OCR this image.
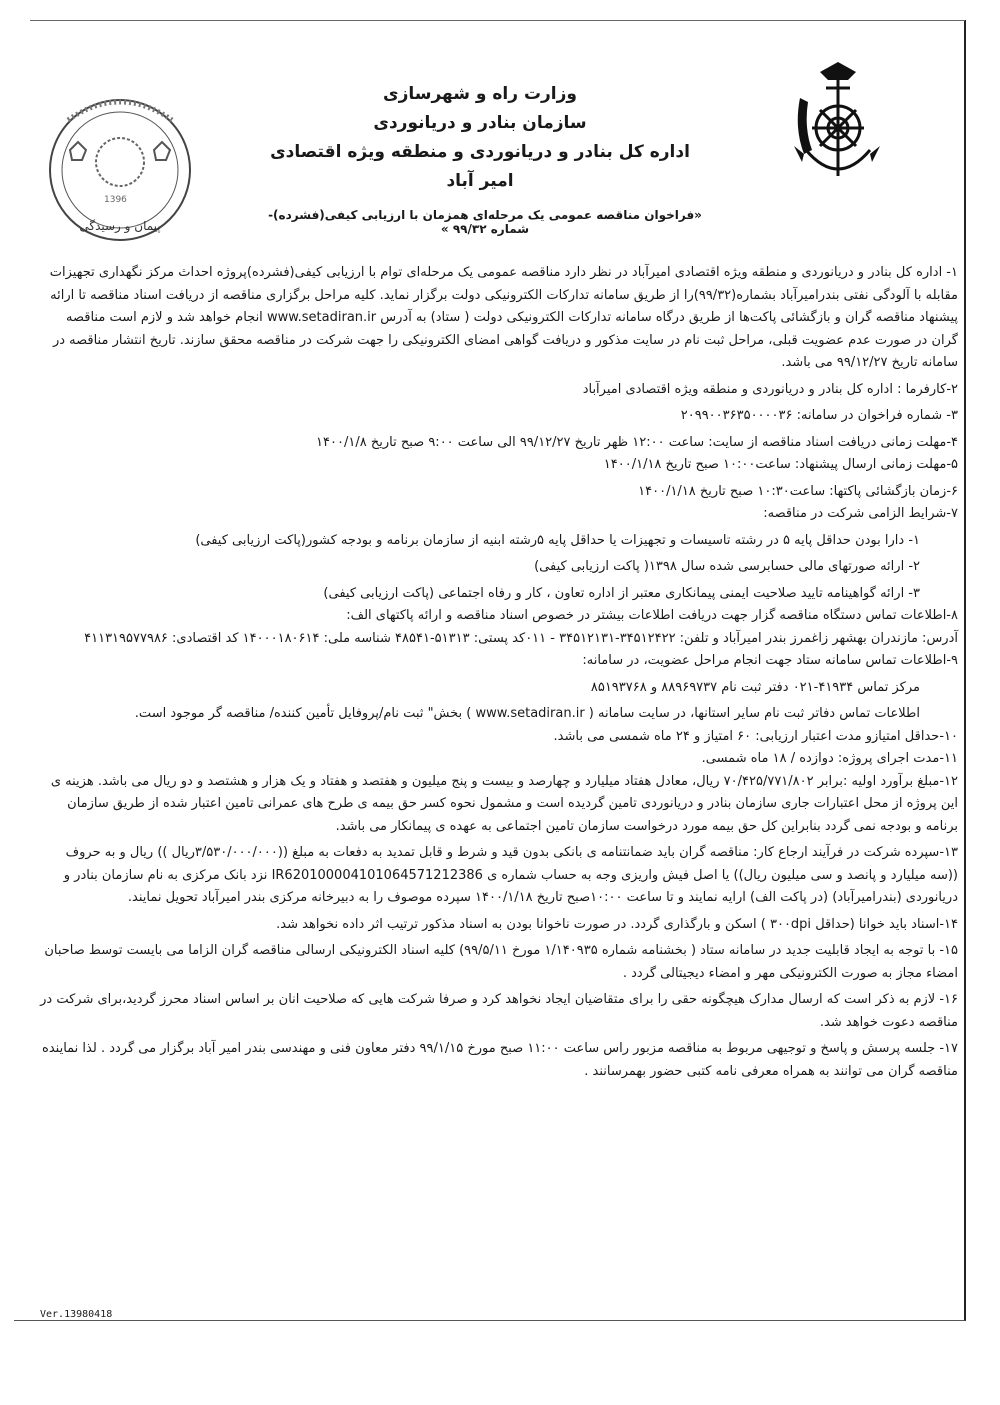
وزارت راه و شهرسازی
سازمان بنادر و دریانوردی
اداره کل بنادر و دریانوردی و منطقه ویژه اقتصادی امیر آباد
1396
پیمان و رسیدگی
«فراخوان مناقصه عمومی یک مرحله‌ای همزمان با ارزیابی کیفی(فشرده)- شماره ۹۹/۳۲ »

۱- اداره کل بنادر و دریانوردی و منطقه ویژه اقتصادی امیرآباد در نظر دارد مناقصه عمومی یک مرحله‌ای توام با ارزیابی کیفی(فشرده)پروژه احداث مرکز نگهداری تجهیزات مقابله با آلودگی نفتی بندرامیرآباد بشماره(۹۹/۳۲)را از طریق سامانه تدارکات الکترونیکی دولت برگزار نماید. کلیه مراحل برگزاری مناقصه از دریافت اسناد مناقصه تا ارائه پیشنهاد مناقصه گران و بازگشائی پاکت‌ها از طریق درگاه سامانه تدارکات الکترونیکی دولت ( ستاد) به آدرس www.setadiran.ir انجام خواهد شد و لازم است مناقصه گران در صورت عدم عضویت قبلی، مراحل ثبت نام در سایت مذکور و دریافت گواهی امضای الکترونیکی را جهت شرکت در مناقصه محقق سازند. تاریخ انتشار مناقصه در سامانه تاریخ ۹۹/۱۲/۲۷ می باشد.

۲-کارفرما : اداره کل بنادر و دریانوردی و منطقه ویژه اقتصادی امیرآباد

۳- شماره فراخوان در سامانه: ۲۰۹۹۰۰۳۶۳۵۰۰۰۰۳۶

۴-مهلت زمانی دریافت اسناد مناقصه از سایت: ساعت ۱۲:۰۰ ظهر تاریخ ۹۹/۱۲/۲۷ الی ساعت ۹:۰۰ صبح تاریخ ۱۴۰۰/۱/۸

۵-مهلت زمانی ارسال پیشنهاد: ساعت۱۰:۰۰ صبح تاریخ ۱۴۰۰/۱/۱۸

۶-زمان بازگشائی پاکتها: ساعت۱۰:۳۰ صبح تاریخ ۱۴۰۰/۱/۱۸

۷-شرایط الزامی شرکت در مناقصه:

۱- دارا بودن حداقل پایه ۵ در رشته تاسیسات و تجهیزات یا حداقل پایه ۵رشته ابنیه از سازمان برنامه و بودجه کشور(پاکت ارزیابی کیفی)

۲- ارائه صورتهای مالی حسابرسی شده سال ۱۳۹۸( پاکت ارزیابی کیفی)

۳- ارائه گواهینامه تایید صلاحیت ایمنی پیمانکاری معتبر از اداره تعاون ، کار و رفاه اجتماعی (پاکت ارزیابی کیفی)

۸-اطلاعات تماس دستگاه مناقصه گزار جهت دریافت اطلاعات بیشتر در خصوص اسناد مناقصه و ارائه پاکتهای الف:

آدرس: مازندران بهشهر زاغمرز بندر امیرآباد و تلفن: ۳۴۵۱۲۴۲۲-۳۴۵۱۲۱۳۱ - ۰۱۱کد پستی: ۵۱۳۱۳-۴۸۵۴۱ شناسه ملی: ۱۴۰۰۰۱۸۰۶۱۴ کد اقتصادی: ۴۱۱۳۱۹۵۷۷۹۸۶

۹-اطلاعات تماس سامانه ستاد جهت انجام مراحل عضویت، در سامانه:

مرکز تماس ۴۱۹۳۴-۰۲۱ دفتر ثبت نام ۸۸۹۶۹۷۳۷ و ۸۵۱۹۳۷۶۸

اطلاعات تماس دفاتر ثبت نام سایر استانها، در سایت سامانه ( www.setadiran.ir ) بخش" ثبت نام/پروفایل تأمین کننده/ مناقصه گر موجود است.

۱۰-حداقل امتیازو مدت اعتبار ارزیابی: ۶۰ امتیاز و ۲۴ ماه شمسی می باشد.

۱۱-مدت اجرای پروژه: دوازده / ۱۸ ماه شمسی.

۱۲-مبلغ برآورد اولیه :برابر ۷۰/۴۲۵/۷۷۱/۸۰۲ ریال، معادل هفتاد میلیارد و چهارصد و بیست و پنج میلیون و هفتصد و هفتاد و یک هزار و هشتصد و دو ریال می باشد. هزینه ی این پروژه از محل اعتبارات جاری سازمان بنادر و دریانوردی تامین گردیده است و مشمول نحوه کسر حق بیمه ی طرح های عمرانی تامین اعتبار شده از طریق سازمان برنامه و بودجه نمی گردد بنابراین کل حق بیمه مورد درخواست سازمان تامین اجتماعی به عهده ی پیمانکار می باشد.

۱۳-سپرده شرکت در فرآیند ارجاع کار: مناقصه گران باید ضمانتنامه ی بانکی بدون قید و شرط و قابل تمدید به دفعات به مبلغ ((۳/۵۳۰/۰۰۰/۰۰۰ریال )) ریال و به حروف ((سه میلیارد و پانصد و سی میلیون ریال)) یا اصل فیش واریزی وجه به حساب شماره ی IR620100004101064571212386 نزد بانک مرکزی به نام سازمان بنادر و دریانوردی (بندرامیرآباد) (در پاکت الف) ارایه نمایند و تا ساعت ۱۰:۰۰صبح تاریخ ۱۴۰۰/۱/۱۸ سپرده موصوف را به دبیرخانه مرکزی بندر امیرآباد تحویل نمایند.

۱۴-اسناد باید خوانا (حداقل ۳۰۰dpi ) اسکن و بارگذاری گردد. در صورت ناخوانا بودن به اسناد مذکور ترتیب اثر داده نخواهد شد.

۱۵- با توجه به ایجاد قابلیت جدید در سامانه ستاد ( بخشنامه شماره ۱/۱۴۰۹۳۵ مورخ ۹۹/۵/۱۱) کلیه اسناد الکترونیکی ارسالی مناقصه گران الزاما می بایست توسط صاحبان امضاء مجاز به صورت الکترونیکی مهر و امضاء دیجیتالی گردد .

۱۶- لازم به ذکر است که ارسال مدارک هیچگونه حقی را برای متقاضیان ایجاد نخواهد کرد و صرفا شرکت هایی که صلاحیت انان بر اساس اسناد محرز گردید،برای شرکت در مناقصه دعوت خواهد شد.

۱۷- جلسه پرسش و پاسخ و توجیهی مربوط به مناقصه مزبور راس ساعت ۱۱:۰۰ صبح مورخ ۹۹/۱/۱۵ دفتر معاون فنی و مهندسی بندر امیر آباد برگزار می گردد . لذا نماینده مناقصه گران می توانند به همراه معرفی نامه کتبی حضور بهمرسانند .

Ver.13980418
